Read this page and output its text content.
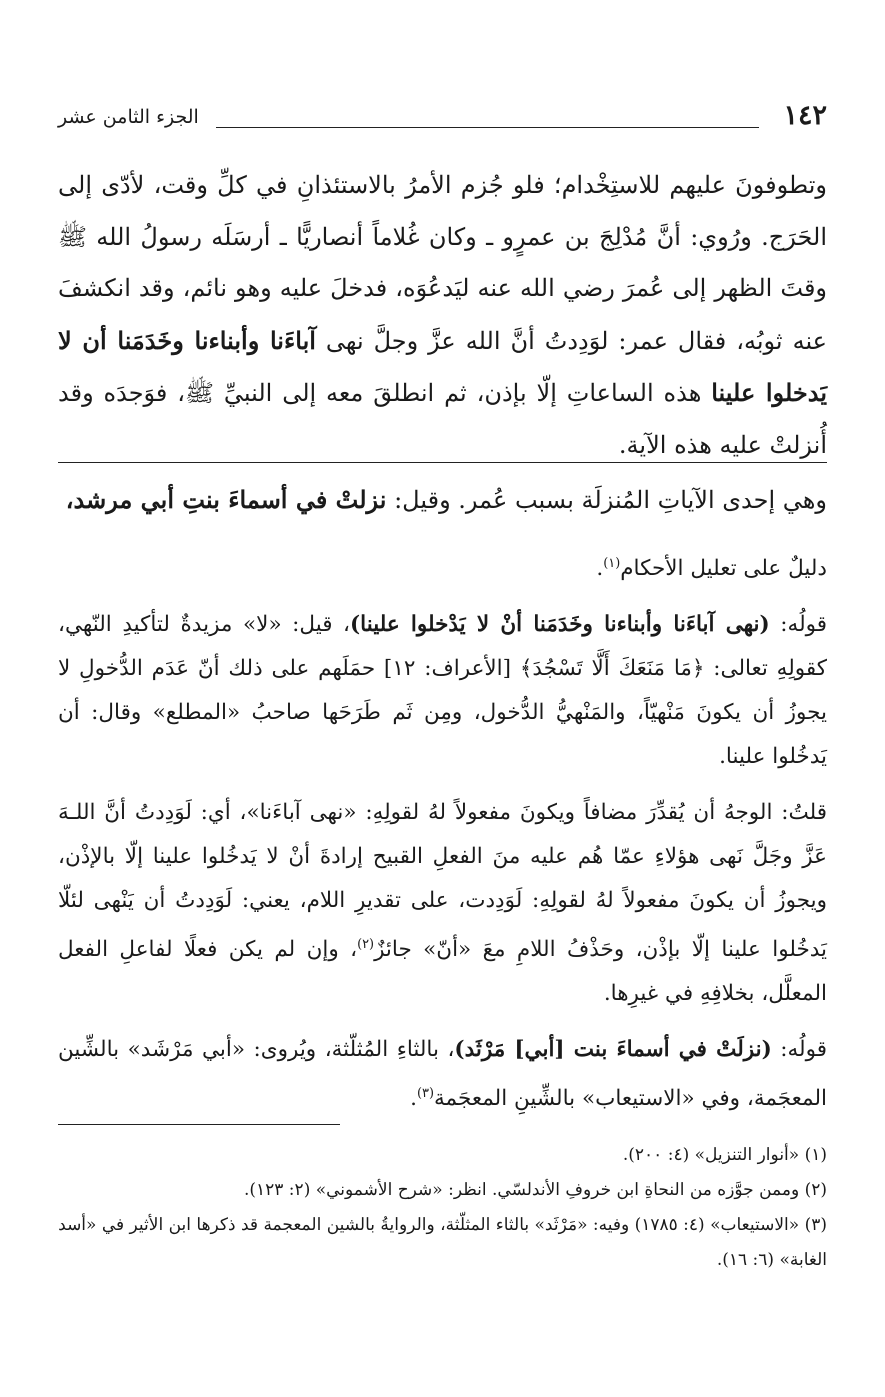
١٤٢
الجزء الثامن عشر
وتطوفونَ عليهم للاستِخْدام؛ فلو جُزم الأمرُ بالاستئذانِ في كلِّ وقت، لأدّى إلى الحَرَج. ورُوي: أنَّ مُدْلِجَ بن عمرٍو ـ وكان غُلاماً أنصاريًّا ـ أرسَلَه رسولُ الله ﷺ وقتَ الظهر إلى عُمرَ رضي الله عنه ليَدعُوَه، فدخلَ عليه وهو نائم، وقد انكشفَ عنه ثوبُه، فقال عمر: لوَدِدتُ أنَّ الله عزَّ وجلَّ نهى آباءَنا وأبناءنا وخَدَمَنا أن لا يَدخلوا علينا هذه الساعاتِ إلّا بإذن، ثم انطلقَ معه إلى النبيِّ ﷺ، فوَجدَه وقد أُنزلتْ عليه هذه الآية.

وهي إحدى الآياتِ المُنزلَة بسبب عُمر. وقيل: نزلتْ في أسماءَ بنتِ أبي مرشد،

دليلٌ على تعليل الأحكام$^{(١)}$.

قولُه: (نهى آباءَنا وأبناءنا وخَدَمَنا أنْ لا يَدْخلوا علينا)، قيل: «لا» مزيدةٌ لتأكيدِ النّهي، كقولِهِ تعالى: ﴿مَا مَنَعَكَ أَلَّا تَسْجُدَ﴾ [الأعراف: ١٢] حمَلَهم على ذلك أنّ عَدَم الدُّخولِ لا يجوزُ أن يكونَ مَنْهيّاً، والمَنْهيُّ الدُّخول، ومِن ثَم طَرَحَها صاحبُ «المطلع» وقال: أن يَدخُلوا علينا.

قلتُ: الوجهُ أن يُقدِّرَ مضافاً ويكونَ مفعولاً لهُ لقولِهِ: «نهى آباءَنا»، أي: لَوَدِدتُ أنَّ اللـهَ عَزَّ وجَلَّ نَهى هؤلاءِ عمّا هُم عليه منَ الفعلِ القبيح إرادةَ أنْ لا يَدخُلوا علينا إلّا بالإذْن، ويجوزُ أن يكونَ مفعولاً لهُ لقولِهِ: لَوَدِدت، على تقديرِ اللام، يعني: لَوَدِدتُ أن يَنْهى لئلّا يَدخُلوا علينا إلّا بإذْن، وحَذْفُ اللامِ معَ «أنّ» جائزٌ$^{(٢)}$، وإن لم يكن فعلًا لفاعلِ الفعل المعلَّل، بخلافِهِ في غيرِها.

قولُه: (نزلَتْ في أسماءَ بنت [أبي] مَرْثَد)، بالثاءِ المُثلّثة، ويُروى: «أبي مَرْشَد» بالشِّين المعجَمة، وفي «الاستيعاب» بالشِّينِ المعجَمة$^{(٣)}$.

(١) «أنوار التنزيل» (٤: ٢٠٠).

(٢) وممن جوَّزه من النحاةِ ابن خروفِ الأندلسّي. انظر: «شرح الأشموني» (٢: ١٢٣).

(٣) «الاستيعاب» (٤: ١٧٨٥) وفيه: «مَرْثَد» بالثاء المثلّثة، والروايةُ بالشين المعجمة قد ذكرها ابن الأثير في «أسد الغابة» (٦: ١٦).
